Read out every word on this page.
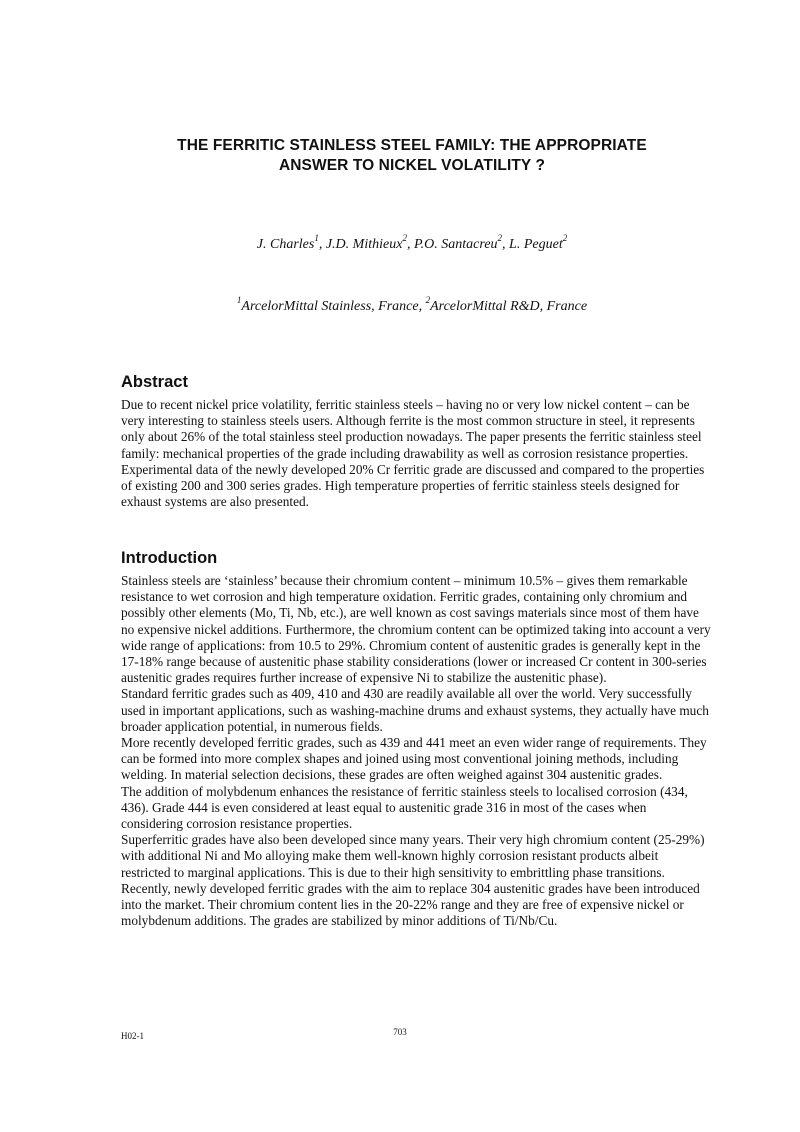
THE FERRITIC STAINLESS STEEL FAMILY: THE APPROPRIATE
ANSWER TO NICKEL VOLATILITY ?
J. Charles$^1$, J.D. Mithieux$^2$, P.O. Santacreu$^2$, L. Peguet$^2$
$^1$ArcelorMittal Stainless, France, $^2$ArcelorMittal R&D, France
Abstract

Due to recent nickel price volatility, ferritic stainless steels – having no or very low nickel content – can be very interesting to stainless steels users. Although ferrite is the most common structure in steel, it represents only about 26% of the total stainless steel production nowadays. The paper presents the ferritic stainless steel family: mechanical properties of the grade including drawability as well as corrosion resistance properties. Experimental data of the newly developed 20% Cr ferritic grade are discussed and compared to the properties of existing 200 and 300 series grades. High temperature properties of ferritic stainless steels designed for exhaust systems are also presented.

Introduction

Stainless steels are ‘stainless’ because their chromium content – minimum 10.5% – gives them remarkable resistance to wet corrosion and high temperature oxidation. Ferritic grades, containing only chromium and possibly other elements (Mo, Ti, Nb, etc.), are well known as cost savings materials since most of them have no expensive nickel additions. Furthermore, the chromium content can be optimized taking into account a very wide range of applications: from 10.5 to 29%. Chromium content of austenitic grades is generally kept in the 17-18% range because of austenitic phase stability considerations (lower or increased Cr content in 300-series austenitic grades requires further increase of expensive Ni to stabilize the austenitic phase).

Standard ferritic grades such as 409, 410 and 430 are readily available all over the world. Very successfully used in important applications, such as washing-machine drums and exhaust systems, they actually have much broader application potential, in numerous fields.

More recently developed ferritic grades, such as 439 and 441 meet an even wider range of requirements. They can be formed into more complex shapes and joined using most conventional joining methods, including welding. In material selection decisions, these grades are often weighed against 304 austenitic grades.

The addition of molybdenum enhances the resistance of ferritic stainless steels to localised corrosion (434, 436). Grade 444 is even considered at least equal to austenitic grade 316 in most of the cases when considering corrosion resistance properties.

Superferritic grades have also been developed since many years. Their very high chromium content (25-29%) with additional Ni and Mo alloying make them well-known highly corrosion resistant products albeit restricted to marginal applications. This is due to their high sensitivity to embrittling phase transitions.

Recently, newly developed ferritic grades with the aim to replace 304 austenitic grades have been introduced into the market. Their chromium content lies in the 20-22% range and they are free of expensive nickel or molybdenum additions. The grades are stabilized by minor additions of Ti/Nb/Cu.

H02-1	703
